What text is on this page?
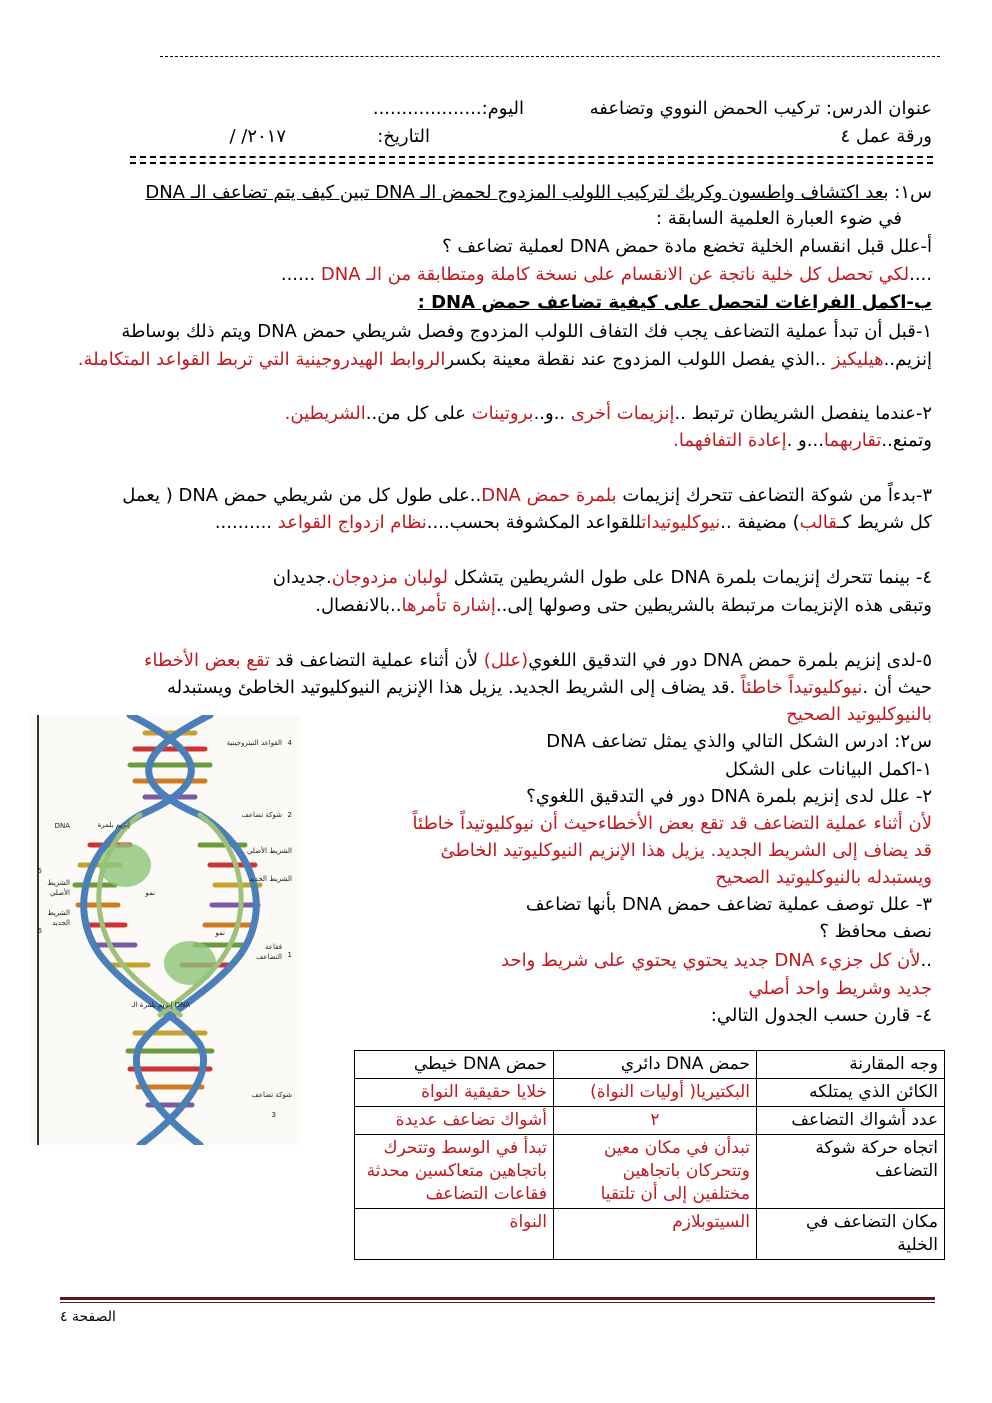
عنوان الدرس: تركيب الحمض النووي وتضاعفه
اليوم:...................
ورقة عمل ٤
التاريخ:
/ /٢٠١٧
س١: بعد اكتشاف واطسون وكريك لتركيب اللولب المزدوج لحمض الـ DNA تبين كيف يتم تضاعف الـ DNA
في ضوء العبارة العلمية السابقة :
أ-علل قبل انقسام الخلية تخضع مادة حمض DNA لعملية تضاعف ؟
....لكي تحصل كل خلية ناتجة عن الانقسام على نسخة كاملة ومتطابقة من الـ DNA ......
ب-اكمل الفراغات لتحصل على كيفية تضاعف حمض DNA :
١-قبل أن تبدأ عملية التضاعف يجب فك التفاف اللولب المزدوج وفصل شريطي حمض DNA ويتم ذلك بوساطة
إنزيم..هيليكيز ..الذي يفصل اللولب المزدوج عند نقطة معينة بكسرالروابط الهيدروجينية التي تربط القواعد المتكاملة.
٢-عندما ينفصل الشريطان ترتبط ..إنزيمات أخرى ..و..بروتينات على كل من..الشريطين.
وتمنع..تقاربهما...و .إعادة التفافهما.
٣-بدءاً من شوكة التضاعف تتحرك إنزيمات بلمرة حمض DNA..على طول كل من شريطي حمض DNA ( يعمل
كل شريط كـقالب) مضيفة ..نيوكليوتيداتللقواعد المكشوفة بحسب....نظام ازدواج القواعد ..........
٤- بينما تتحرك إنزيمات بلمرة DNA على طول الشريطين يتشكل لولبان مزدوجان.جديدان
وتبقى هذه الإنزيمات مرتبطة بالشريطين حتى وصولها إلى..إشارة تأمرها..بالانفصال.
٥-لدى إنزيم بلمرة حمض DNA دور في التدقيق اللغوي(علل) لأن أثناء عملية التضاعف قد تقع بعض الأخطاء
حيث أن .نيوكليوتيداً خاطئاً .قد يضاف إلى الشريط الجديد. يزيل هذا الإنزيم النيوكليوتيد الخاطئ ويستبدله
بالنيوكليوتيد الصحيح
س٢: ادرس الشكل التالي والذي يمثل تضاعف DNA
١-اكمل البيانات على الشكل
٢- علل لدى إنزيم بلمرة DNA دور في التدقيق اللغوي؟
لأن أثناء عملية التضاعف قد تقع بعض الأخطاءحيث أن نيوكليوتيداً خاطئاً
قد يضاف إلى الشريط الجديد. يزيل هذا الإنزيم النيوكليوتيد الخاطئ
ويستبدله بالنيوكليوتيد الصحيح
٣- علل توصف عملية تضاعف حمض DNA بأنها تضاعف
نصف محافظ ؟
..لأن كل جزيء DNA جديد يحتوي يحتوي على شريط واحد
جديد وشريط واحد أصلي
٤- قارن حسب الجدول التالي:
4
القواعد النيتروجينية
2
شوكة تضاعف
الشريط الأصلي
الشريط الجديد
DNA	إنزيم بلمرة
نمو
5
الشريط
الأصلي
6
الشريط
الجديد
1
فقاعة
التضاعف
نمو
إنزيم بلمرة الـ DNA
3
شوكة تضاعف
وجه المقارنة	حمض DNA دائري	حمض DNA خيطي
الكائن الذي يمتلكه	البكتيريا( أوليات النواة)	خلايا حقيقية النواة
عدد أشواك التضاعف	٢	أشواك تضاعف عديدة
اتجاه حركة شوكة التضاعف	تبدأن في مكان معين وتتحركان باتجاهين مختلفين إلى أن تلتقيا	تبدأ في الوسط وتتحرك باتجاهين متعاكسين محدثة فقاعات التضاعف
مكان التضاعف في الخلية	السيتوبلازم	النواة
الصفحة ٤
